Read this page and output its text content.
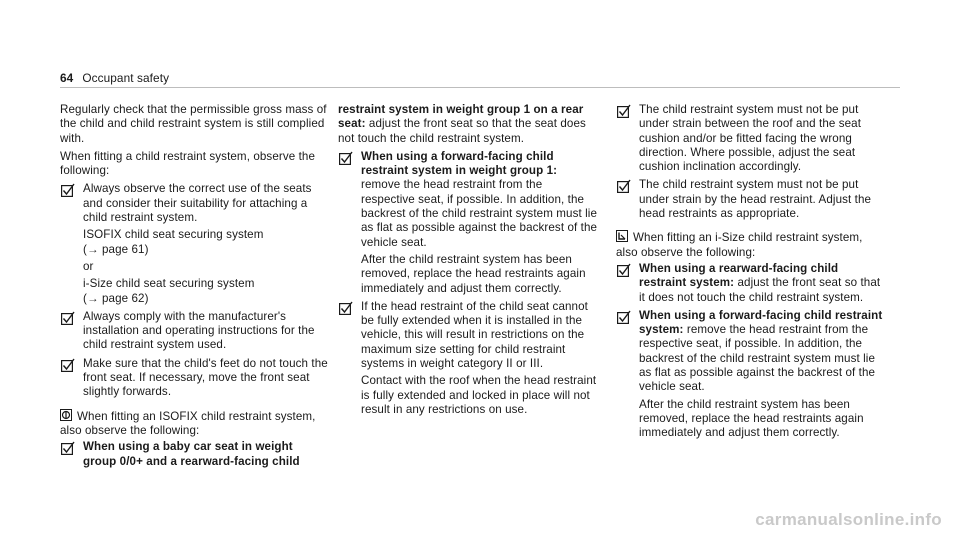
64 Occupant safety

Regularly check that the permissible gross mass of the child and child restraint system is still complied with.

When fitting a child restraint system, observe the following:

Always observe the correct use of the seats and consider their suitability for attaching a child restraint system.
ISOFIX child seat securing system
(→ page 61)
or
i-Size child seat securing system
(→ page 62)
Always comply with the manufacturer's installation and operating instructions for the child restraint system used.
Make sure that the child's feet do not touch the front seat. If necessary, move the front seat slightly forwards.
When fitting an ISOFIX child restraint system, also observe the following:
When using a baby car seat in weight group 0/0+ and a rearward-facing child
restraint system in weight group 1 on a rear seat: adjust the front seat so that the seat does not touch the child restraint system.
When using a forward-facing child restraint system in weight group 1: remove the head restraint from the respective seat, if possible. In addition, the backrest of the child restraint system must lie as flat as possible against the backrest of the vehicle seat.
After the child restraint system has been removed, replace the head restraints again immediately and adjust them correctly.
If the head restraint of the child seat cannot be fully extended when it is installed in the vehicle, this will result in restrictions on the maximum size setting for child restraint systems in weight category II or III.
Contact with the roof when the head restraint is fully extended and locked in place will not result in any restrictions on use.
The child restraint system must not be put under strain between the roof and the seat cushion and/or be fitted facing the wrong direction. Where possible, adjust the seat cushion inclination accordingly.
The child restraint system must not be put under strain by the head restraint. Adjust the head restraints as appropriate.
When fitting an i-Size child restraint system, also observe the following:
When using a rearward-facing child restraint system: adjust the front seat so that it does not touch the child restraint system.
When using a forward-facing child restraint system: remove the head restraint from the respective seat, if possible. In addition, the backrest of the child restraint system must lie as flat as possible against the backrest of the vehicle seat.
After the child restraint system has been removed, replace the head restraints again immediately and adjust them correctly.
carmanualsonline.info
